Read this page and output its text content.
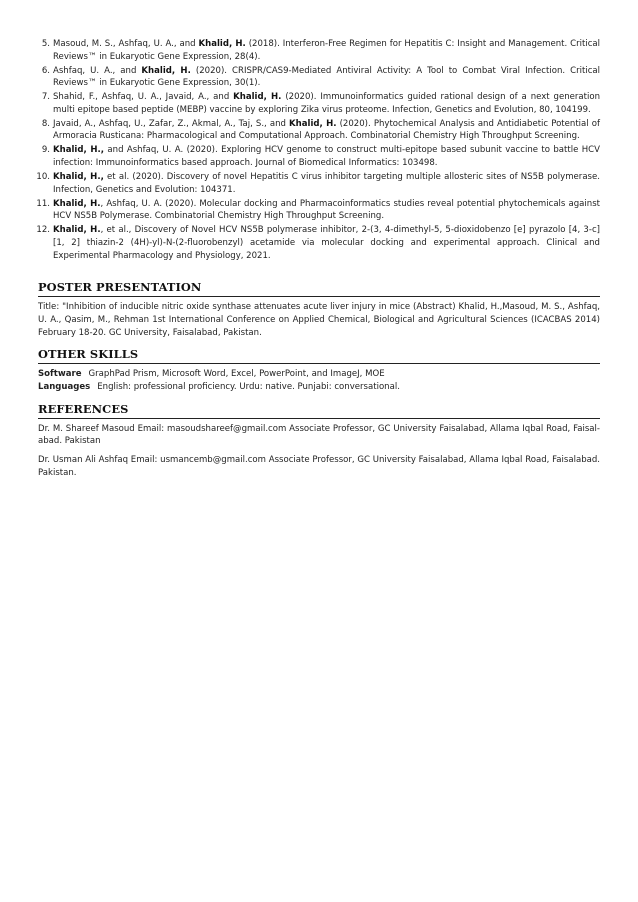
5. Masoud, M. S., Ashfaq, U. A., and Khalid, H. (2018). Interferon-Free Regimen for Hepatitis C: Insight and Management. Critical Reviews™ in Eukaryotic Gene Expression, 28(4).
6. Ashfaq, U. A., and Khalid, H. (2020). CRISPR/CAS9-Mediated Antiviral Activity: A Tool to Combat Viral Infection. Critical Reviews™ in Eukaryotic Gene Expression, 30(1).
7. Shahid, F., Ashfaq, U. A., Javaid, A., and Khalid, H. (2020). Immunoinformatics guided rational design of a next generation multi epitope based peptide (MEBP) vaccine by exploring Zika virus proteome. Infection, Genetics and Evolution, 80, 104199.
8. Javaid, A., Ashfaq, U., Zafar, Z., Akmal, A., Taj, S., and Khalid, H. (2020). Phytochemical Analysis and Antidiabetic Potential of Armoracia Rusticana: Pharmacological and Computational Approach. Combinatorial Chemistry High Throughput Screening.
9. Khalid, H., and Ashfaq, U. A. (2020). Exploring HCV genome to construct multi-epitope based subunit vaccine to battle HCV infection: Immunoinformatics based approach. Journal of Biomedical Informatics: 103498.
10. Khalid, H., et al. (2020). Discovery of novel Hepatitis C virus inhibitor targeting multiple allosteric sites of NS5B polymerase. Infection, Genetics and Evolution: 104371.
11. Khalid, H., Ashfaq, U. A. (2020). Molecular docking and Pharmacoinformatics studies reveal potential phytochemicals against HCV NS5B Polymerase. Combinatorial Chemistry High Throughput Screening.
12. Khalid, H., et al., Discovery of Novel HCV NS5B polymerase inhibitor, 2-(3, 4-dimethyl-5, 5-dioxidobenzo [e] pyrazolo [4, 3-c][1, 2] thiazin-2 (4H)-yl)-N-(2-fluorobenzyl) acetamide via molecular docking and experimental approach. Clinical and Experimental Pharmacology and Physiology, 2021.
POSTER PRESENTATION

Title: "Inhibition of inducible nitric oxide synthase attenuates acute liver injury in mice (Abstract) Khalid, H.,Masoud, M. S., Ashfaq, U. A., Qasim, M., Rehman 1st International Conference on Applied Chemical, Biological and Agricultural Sciences (ICACBAS 2014) February 18-20. GC University, Faisalabad, Pakistan.

OTHER SKILLS
Software GraphPad Prism, Microsoft Word, Excel, PowerPoint, and ImageJ, MOE
Languages English: professional proficiency. Urdu: native. Punjabi: conversational.
REFERENCES

Dr. M. Shareef Masoud Email: masoudshareef@gmail.com Associate Professor, GC University Faisalabad, Allama Iqbal Road, Faisal-abad. Pakistan

Dr. Usman Ali Ashfaq Email: usmancemb@gmail.com Associate Professor, GC University Faisalabad, Allama Iqbal Road, Faisalabad. Pakistan.
